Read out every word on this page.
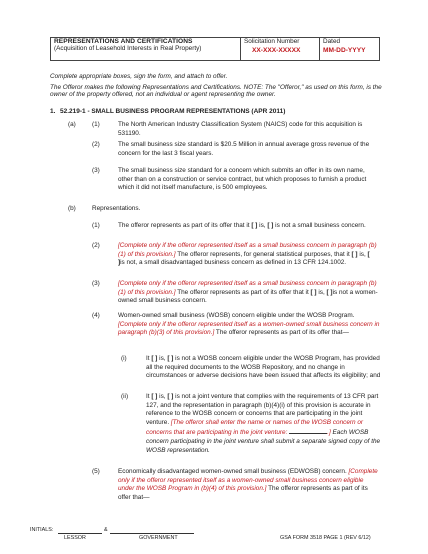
REPRESENTATIONS AND CERTIFICATIONS
(Acquisition of Leasehold Interests in Real Property)

Solicitation Number
XX-XXX-XXXXX

Dated
MM-DD-YYYY
Complete appropriate boxes, sign the form, and attach to offer.
The Offeror makes the following Representations and Certifications. NOTE: The "Offeror," as used on this form, is the owner of the property offered, not an individual or agent representing the owner.
1. 52.219-1 - SMALL BUSINESS PROGRAM REPRESENTATIONS (APR 2011)
(a)	(1)	The North American Industry Classification System (NAICS) code for this acquisition is 531190.
(2)	The small business size standard is $20.5 Million in annual average gross revenue of the concern for the last 3 fiscal years.
(3)	The small business size standard for a concern which submits an offer in its own name, other than on a construction or service contract, but which proposes to furnish a product which it did not itself manufacture, is 500 employees.
(b)	Representations.
(1)	The offeror represents as part of its offer that it [ ] is, [ ] is not a small business concern.
(2)	[Complete only if the offeror represented itself as a small business concern in paragraph (b)(1) of this provision.] The offeror represents, for general statistical purposes, that it [ ] is, [ ]is not, a small disadvantaged business concern as defined in 13 CFR 124.1002.
(3)	[Complete only if the offeror represented itself as a small business concern in paragraph (b)(1) of this provision.] The offeror represents as part of its offer that it [ ] is, [ ]is not a women-owned small business concern.
(4)	Women-owned small business (WOSB) concern eligible under the WOSB Program. [Complete only if the offeror represented itself as a women-owned small business concern in paragraph (b)(3) of this provision.] The offeror represents as part of its offer that—
(i)	It [ ] is, [ ] is not a WOSB concern eligible under the WOSB Program, has provided all the required documents to the WOSB Repository, and no change in circumstances or adverse decisions have been issued that affects its eligibility; and
(ii)	It [ ] is, [ ] is not a joint venture that complies with the requirements of 13 CFR part 127, and the representation in paragraph (b)(4)(i) of this provision is accurate in reference to the WOSB concern or concerns that are participating in the joint venture. [The offeror shall enter the name or names of the WOSB concern or concerns that are participating in the joint venture:	.] Each WOSB concern participating in the joint venture shall submit a separate signed copy of the WOSB representation.
(5)	Economically disadvantaged women-owned small business (EDWOSB) concern. [Complete only if the offeror represented itself as a women-owned small business concern eligible under the WOSB Program in (b)(4) of this provision.] The offeror represents as part of its offer that—
INITIALS:	&
LESSOR	GOVERNMENT	GSA FORM 3518 PAGE 1 (REV 6/12)
